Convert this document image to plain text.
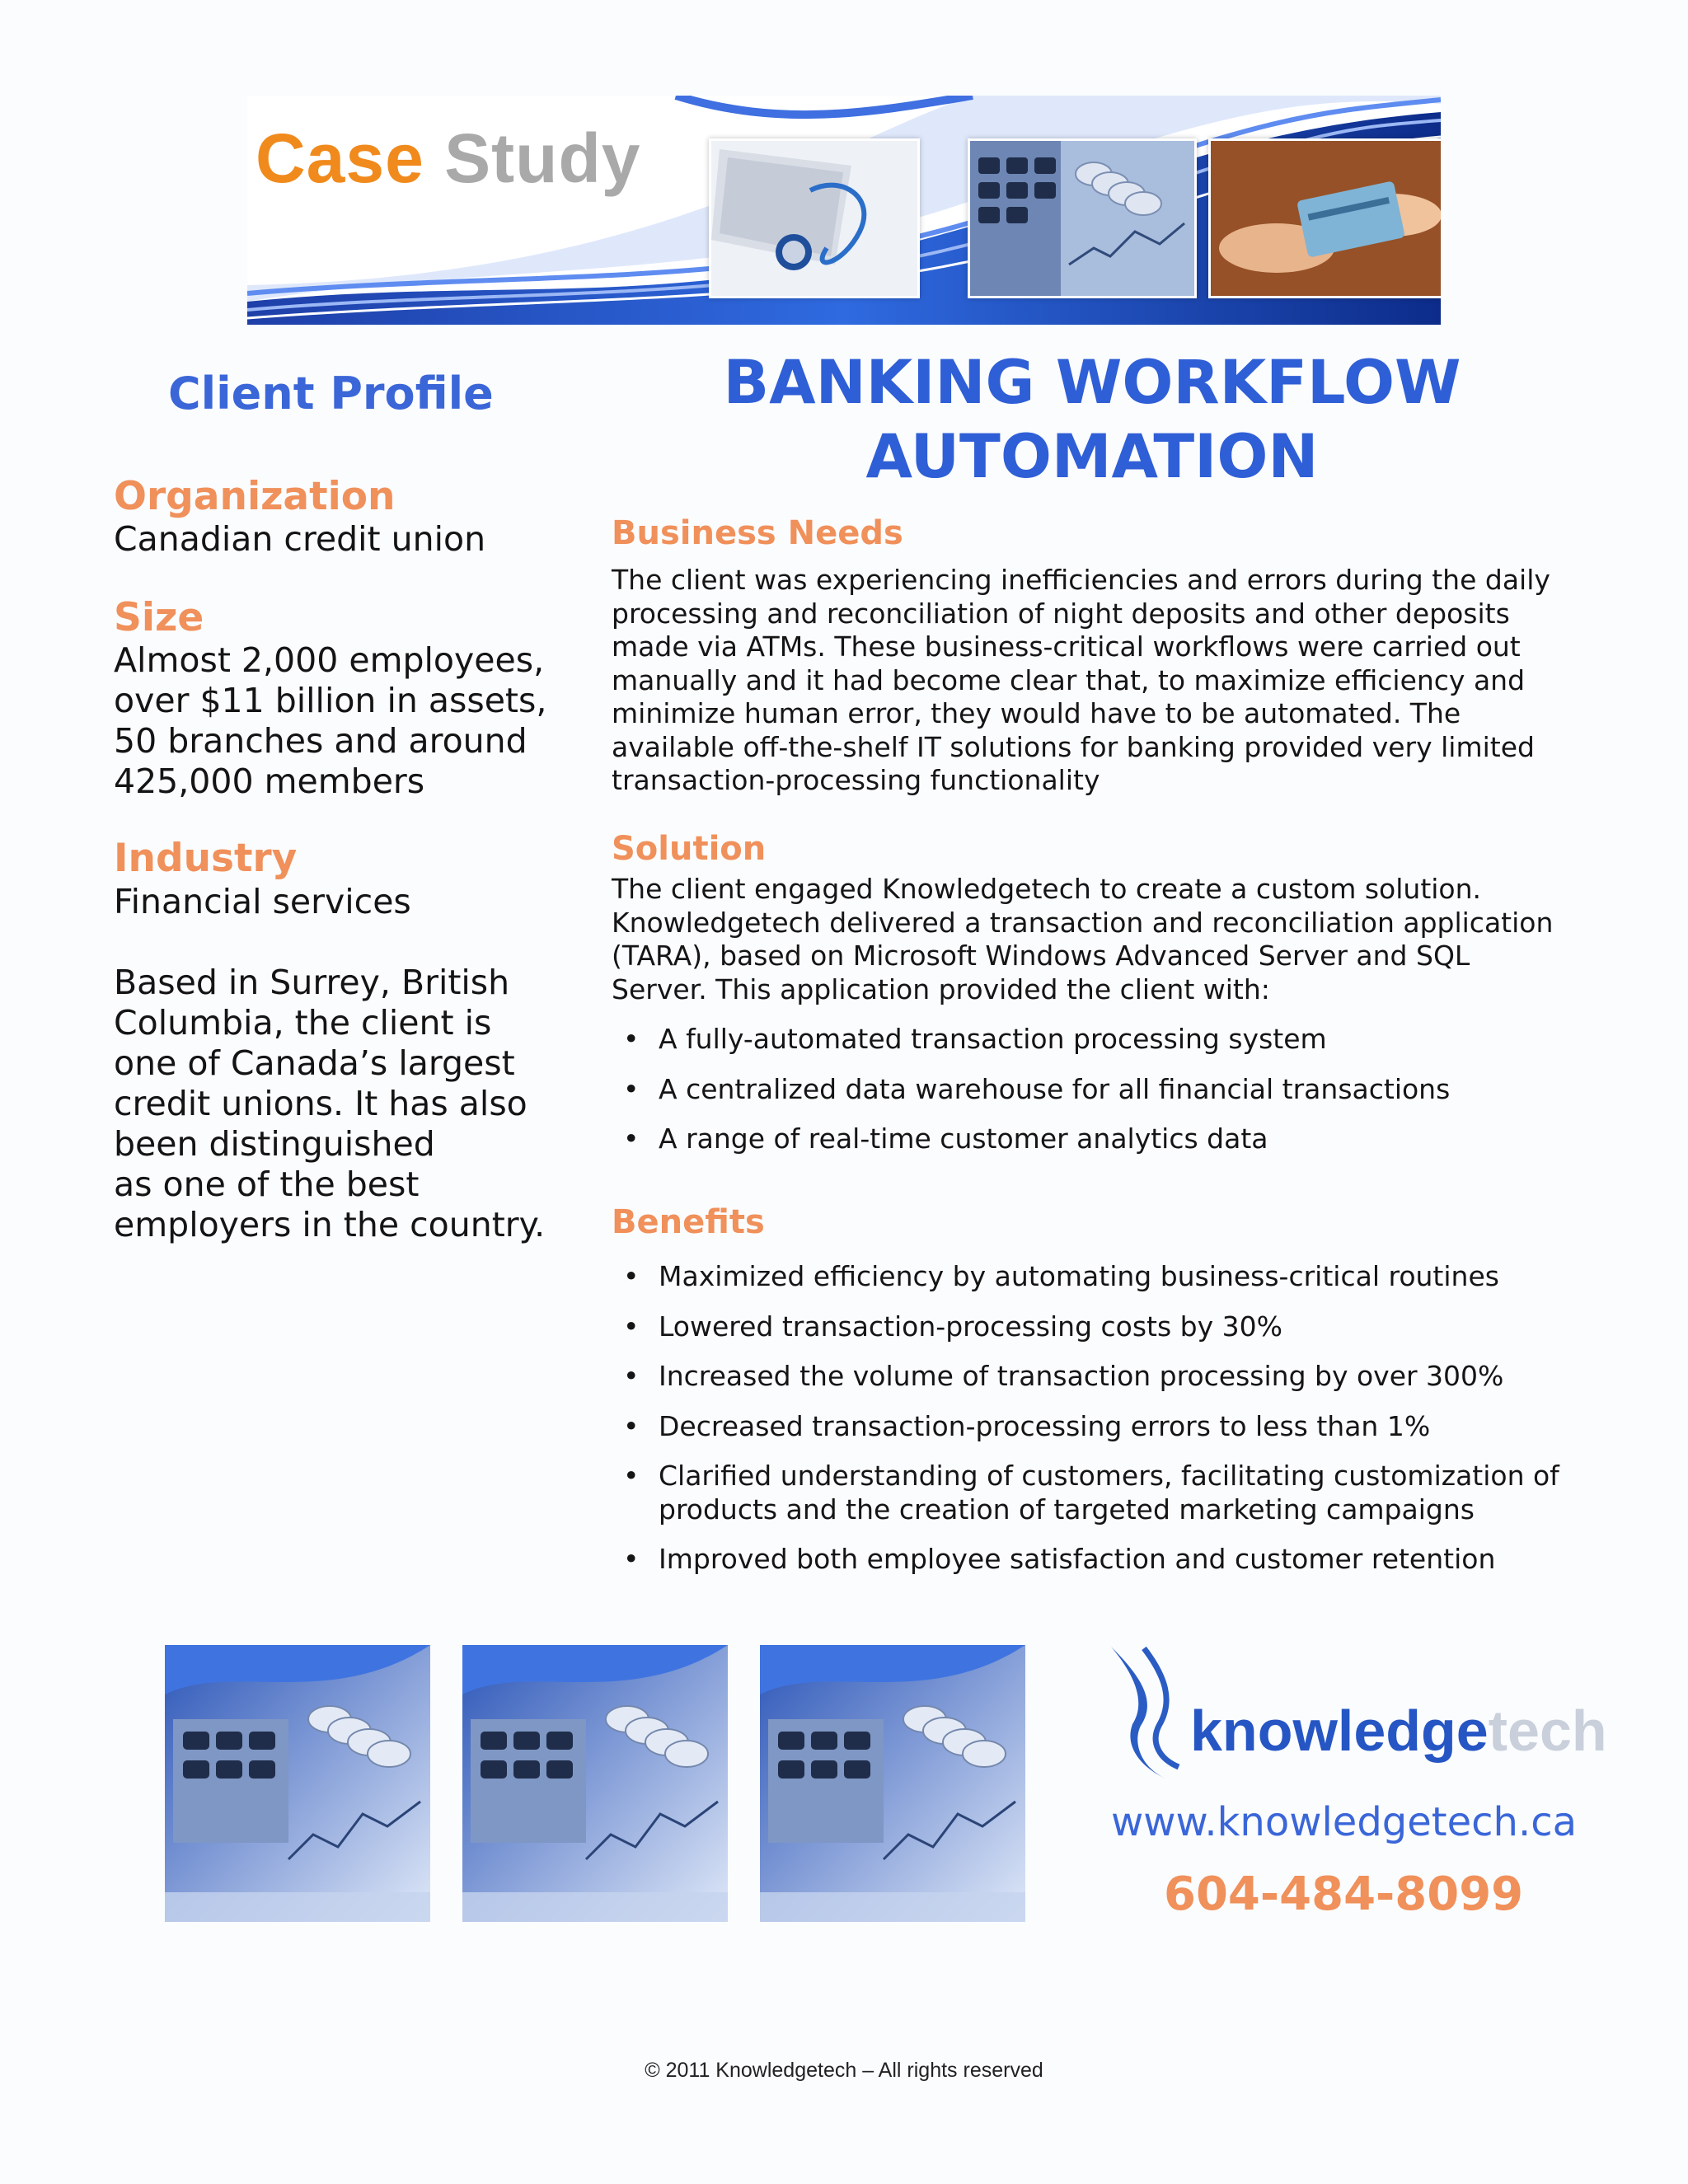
Case Study
Client Profile
Organization
Canadian credit union
Size
Almost 2,000 employees,
over $11 billion in assets,
50 branches and around
425,000 members
Industry
Financial services
Based in Surrey, British
Columbia, the client is
one of Canada’s largest
credit unions. It has also
been distinguished
as one of the best
employers in the country.
BANKING WORKFLOW
AUTOMATION
Business Needs
The client was experiencing inefficiencies and errors during the daily
processing and reconciliation of night deposits and other deposits
made via ATMs. These business-critical workflows were carried out
manually and it had become clear that, to maximize efficiency and
minimize human error, they would have to be automated. The
available off-the-shelf IT solutions for banking provided very limited
transaction-processing functionality
Solution
The client engaged Knowledgetech to create a custom solution.
Knowledgetech delivered a transaction and reconciliation application
(TARA), based on Microsoft Windows Advanced Server and SQL
Server. This application provided the client with:
• A fully-automated transaction processing system
• A centralized data warehouse for all financial transactions
• A range of real-time customer analytics data
Benefits
• Maximized efficiency by automating business-critical routines
• Lowered transaction-processing costs by 30%
• Increased the volume of transaction processing by over 300%
• Decreased transaction-processing errors to less than 1%
• Clarified understanding of customers, facilitating customization of
products and the creation of targeted marketing campaigns
• Improved both employee satisfaction and customer retention
knowledgetech
www.knowledgetech.ca
604-484-8099
© 2011 Knowledgetech – All rights reserved
